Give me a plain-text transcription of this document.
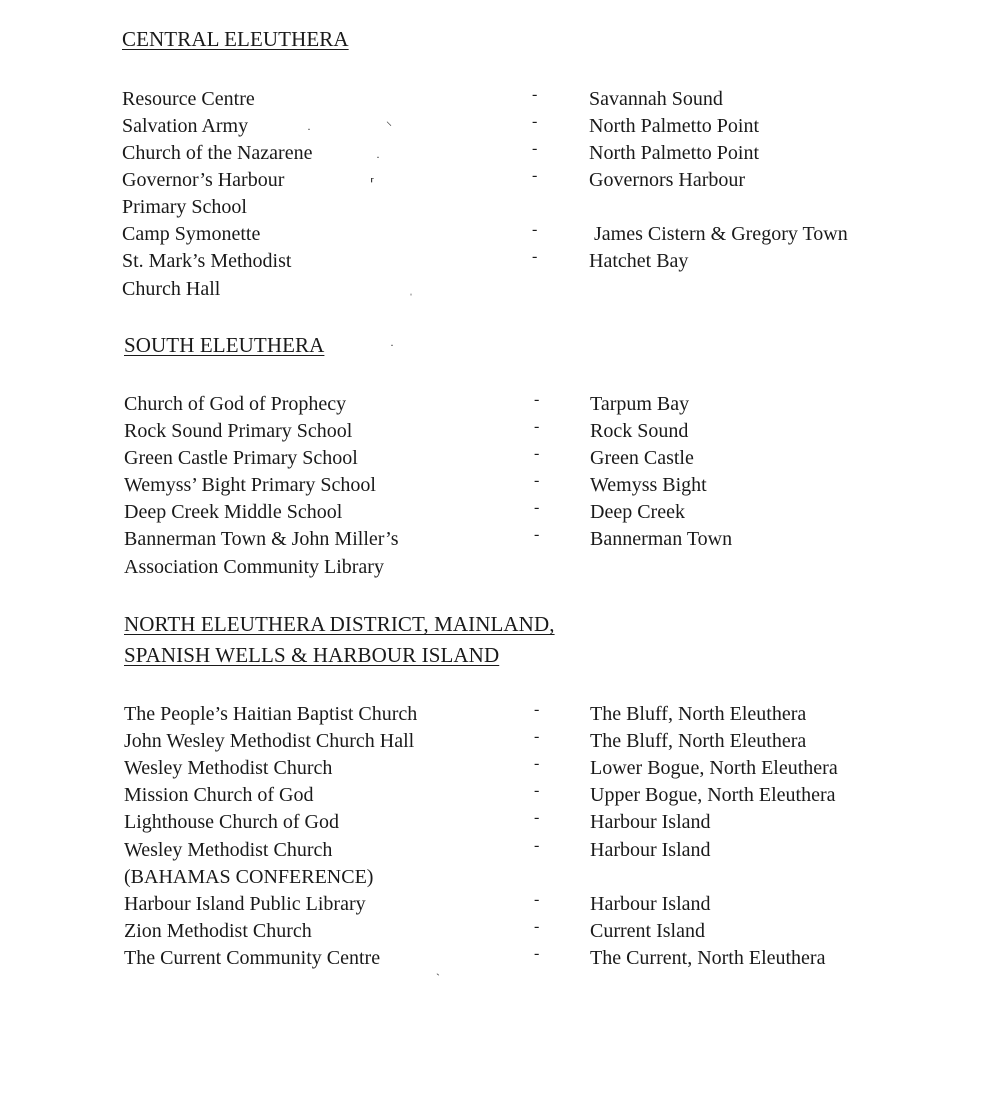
CENTRAL ELEUTHERA
Resource Centre	-	Savannah Sound
Salvation Army	-	North Palmetto Point
Church of the Nazarene	-	North Palmetto Point
Governor’s Harbour	-	Governors Harbour
Primary School
Camp Symonette	-	James Cistern & Gregory Town
St. Mark’s Methodist	-	Hatchet Bay
Church Hall
SOUTH ELEUTHERA
Church of God of Prophecy	-	Tarpum Bay
Rock Sound Primary School	-	Rock Sound
Green Castle Primary School	-	Green Castle
Wemyss’ Bight Primary School	-	Wemyss Bight
Deep Creek Middle School	-	Deep Creek
Bannerman Town & John Miller’s	-	Bannerman Town
Association Community Library
NORTH ELEUTHERA DISTRICT, MAINLAND,
SPANISH WELLS & HARBOUR ISLAND
The People’s Haitian Baptist Church	-	The Bluff, North Eleuthera
John Wesley Methodist Church Hall	-	The Bluff, North Eleuthera
Wesley Methodist Church	-	Lower Bogue, North Eleuthera
Mission Church of God	-	Upper Bogue, North Eleuthera
Lighthouse Church of God	-	Harbour Island
Wesley Methodist Church	-	Harbour Island
(BAHAMAS CONFERENCE)
Harbour Island Public Library	-	Harbour Island
Zion Methodist Church	-	Current Island
The Current Community Centre	-	The Current, North Eleuthera
·
⸜
·
⸢
ˌ
·
ˏ
